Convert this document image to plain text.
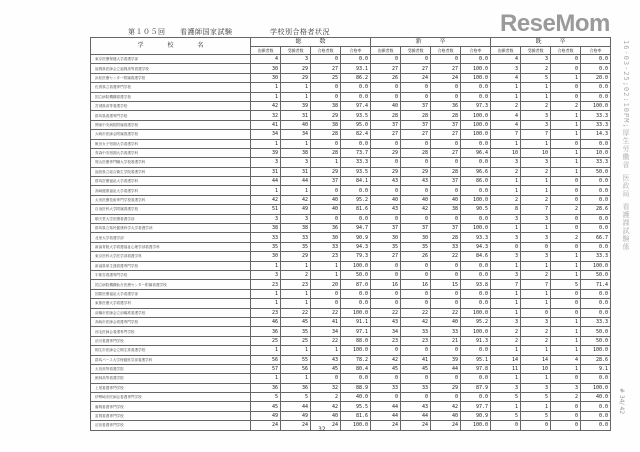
第１０５回 看護師国家試験	学校別合格者状況	ReseMom
学　　　　校　　　　名	総　　　数				新　　　卒				既　　　卒			
	出願者数	受験者数	合格者数	合格率	出願者数	受験者数	合格者数	合格率	出願者数	受験者数	合格者数	合格率
東京医療保健大学看護学部	4	3	0	0.0	0	0	0	0.0	4	3	0	0.0
福岡県医師会立福岡高等看護学校	30	29	27	93.1	27	27	27	100.0	3	2	0	0.0
浜松医療センター附属看護学校	30	29	25	86.2	26	24	24	100.0	4	5	1	20.0
佐賀県立看護専門学校	1	1	0	0.0	0	0	0	0.0	1	1	0	0.0
国立病院機構看護学校	1	1	0	0.0	0	0	0	0.0	1	1	0	0.0
宮城県高等看護学校	42	39	38	97.4	40	37	36	97.3	2	2	2	100.0
群馬県看護専門学校	32	31	29	93.5	28	28	28	100.0	4	3	1	33.3
関東中央病院附属看護学校	41	40	38	95.0	37	37	37	100.0	4	3	1	33.3
大崎市医師会附属看護学校	34	34	28	82.4	27	27	27	100.0	7	7	1	14.3
飯田女子短期大学看護学科	1	1	0	0.0	0	0	0	0.0	1	1	0	0.0
青森中央短期大学看護学科	39	38	28	73.7	29	28	27	96.4	10	10	1	10.0
岡山医療専門職大学校看護学科	3	3	1	33.3	0	0	0	0.0	3	3	1	33.3
福島県立総合衛生学院看護学科	31	31	29	93.5	29	29	28	96.6	2	2	1	50.0
群馬医療福祉大学看護学科	44	44	37	84.1	43	43	37	86.0	1	1	0	0.0
高崎健康福祉大学看護学科	1	1	0	0.0	0	0	0	0.0	1	1	0	0.0
太田医療技術専門学校看護学科	42	42	40	95.2	40	40	40	100.0	2	2	0	0.0
自治医科大学附属看護学校	51	49	40	81.6	43	42	38	90.5	8	7	2	28.6
順天堂大学医療看護学部	3	3	0	0.0	0	0	0	0.0	3	3	0	0.0
群馬県立県民健康科学大学看護学部	38	38	36	94.7	37	37	37	100.0	1	1	0	0.0
北里大学看護学部	33	33	30	90.9	30	30	28	93.3	3	3	2	66.7
新潟青陵大学看護福祉心理学部看護学科	35	35	33	94.3	35	35	33	94.3	0	0	0	0.0
東京医科大学医学部看護学科	30	29	23	79.3	27	26	22	84.6	3	3	1	33.3
新潟県厚生連看護専門学校	1	1	1	100.0	0	0	0	0.0	1	1	1	100.0
宇都宮看護専門学校	3	2	1	50.0	0	0	0	0.0	3	2	1	50.0
国立病院機構仙台医療センター附属看護学校	23	23	20	87.0	16	16	15	93.8	7	7	5	71.4
国際医療福祉大学看護学部	1	1	0	0.0	0	0	0	0.0	1	1	0	0.0
東都医療大学看護学科	1	1	0	0.0	0	0	0	0.0	1	1	0	0.0
前橋市医師会立前橋准看護学校	23	22	22	100.0	22	22	22	100.0	1	0	0	0.0
高崎市医師会看護専門学校	46	45	41	91.1	43	42	40	95.2	3	3	1	33.3
西毛医師会看護専門学校	36	35	34	97.1	34	33	33	100.0	2	2	1	50.0
渋川看護専門学校	25	25	22	88.0	23	23	21	91.3	2	2	1	50.0
桐生市医師会立桐生准看護学校	1	1	1	100.0	0	0	0	0.0	1	1	1	100.0
群馬パース大学保健科学部看護学科	56	55	43	78.2	42	41	39	95.1	14	14	4	28.6
太田高等看護学院	57	56	45	80.4	45	45	44	97.8	11	10	1	9.1
館林高等看護学院	1	1	0	0.0	0	0	0	0.0	1	1	0	0.0
上尾看護専門学校	36	36	32	88.9	33	33	29	87.9	3	3	3	100.0
伊勢崎市医師会看護専門学校	5	5	2	40.0	0	0	0	0.0	5	5	2	40.0
藤岡看護専門学校	45	44	42	95.5	44	43	42	97.7	1	1	0	0.0
富岡看護専門学校	49	49	40	81.6	44	44	40	90.9	5	5	0	0.0
沼田看護専門学校	24	24	24	100.0	24	24	24	100.0	0	0	0	0.0
32
16-03-25;02:10PM;厚生労働省 医政局 看護課試験係
# 34/ 42
